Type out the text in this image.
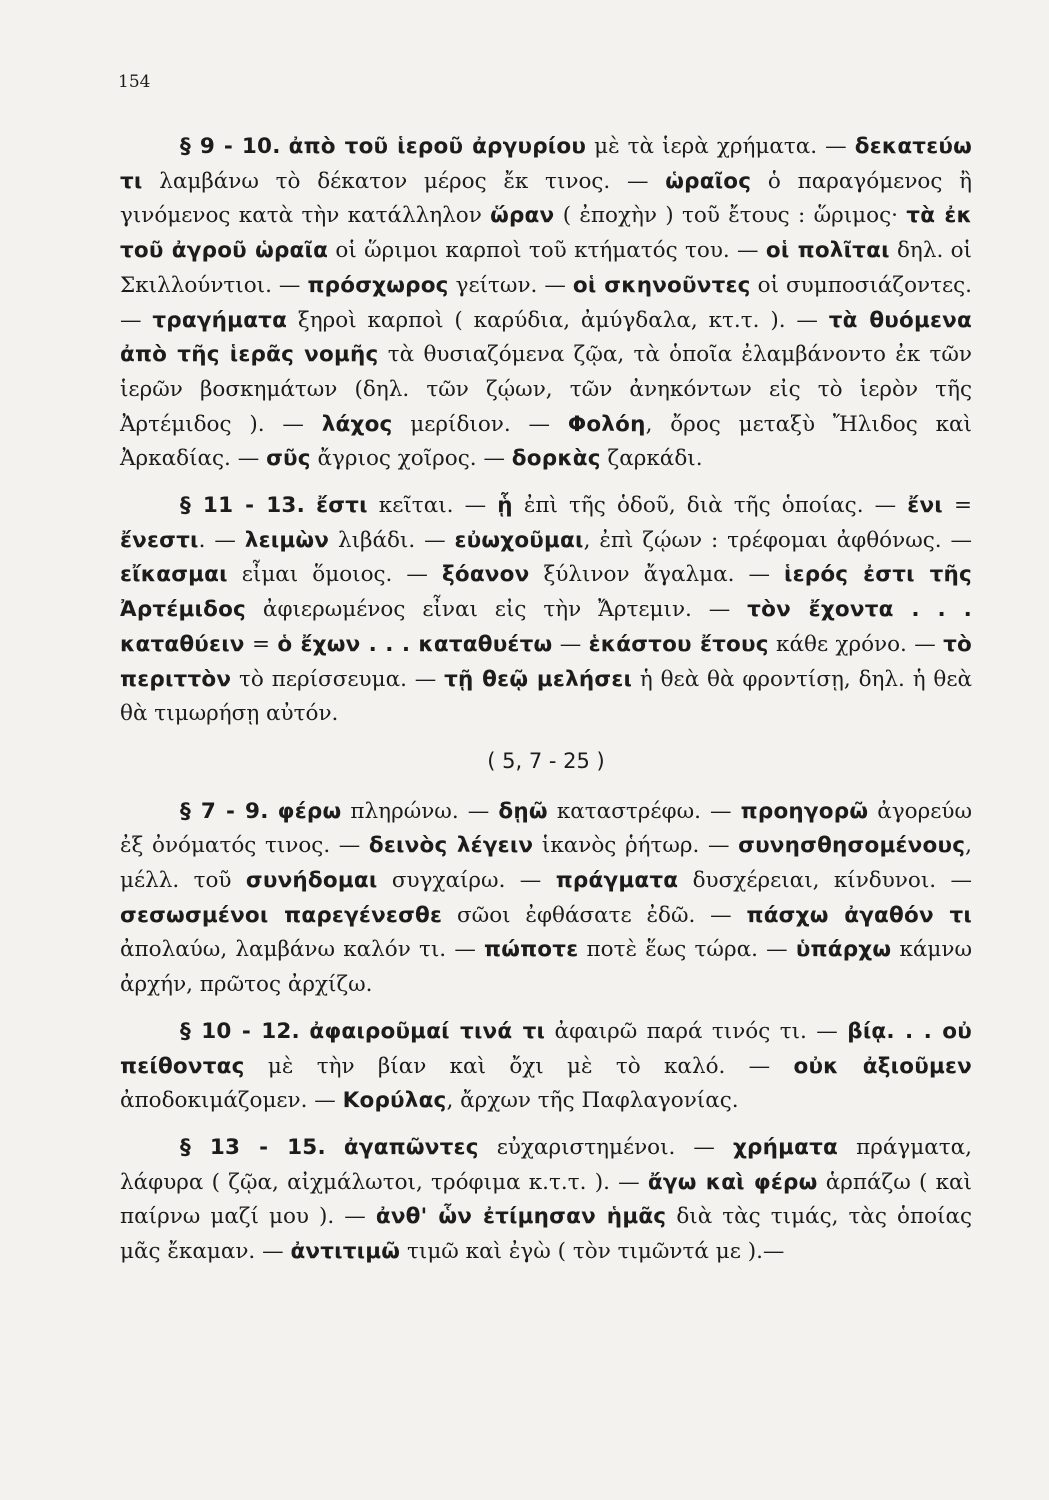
154
§ 9 - 10. ἀπὸ τοῦ ἱεροῦ ἀργυρίου μὲ τὰ ἱερὰ χρήματα. — δεκατεύω τι λαμβάνω τὸ δέκατον μέρος ἔκ τινος. — ὡραῖος ὁ παραγόμενος ἢ γινόμενος κατὰ τὴν κατάλληλον ὥραν ( ἐποχὴν ) τοῦ ἔτους : ὥριμος· τὰ ἐκ τοῦ ἀγροῦ ὡραῖα οἱ ὥριμοι καρποὶ τοῦ κτήματός του. — οἱ πολῖται δηλ. οἱ Σκιλλούντιοι. — πρόσχωρος γείτων. — οἱ σκηνοῦντες οἱ συμποσιάζοντες. — τραγήματα ξηροὶ καρποὶ ( καρύδια, ἀμύγδαλα, κτ.τ. ). — τὰ θυόμενα ἀπὸ τῆς ἱερᾶς νομῆς τὰ θυσιαζόμενα ζῷα, τὰ ὁποῖα ἐλαμβάνοντο ἐκ τῶν ἱερῶν βοσκημάτων (δηλ. τῶν ζῴων, τῶν ἀνηκόντων εἰς τὸ ἱερὸν τῆς Ἀρτέμιδος ). — λάχος μερίδιον. — Φολόη, ὄρος μεταξὺ Ἤλιδος καὶ Ἀρκαδίας. — σῦς ἄγριος χοῖρος. — δορκὰς ζαρκάδι.
§ 11 - 13. ἔστι κεῖται. — ᾗ ἐπὶ τῆς ὁδοῦ, διὰ τῆς ὁποίας. — ἔνι = ἔνεστι. — λειμὼν λιβάδι. — εὐωχοῦμαι, ἐπὶ ζῴων : τρέφομαι ἀφθόνως. — εἴκασμαι εἶμαι ὅμοιος. — ξόανον ξύλινον ἄγαλμα. — ἱερός ἐστι τῆς Ἀρτέμιδος ἀφιερωμένος εἶναι εἰς τὴν Ἄρτεμιν. — τὸν ἔχοντα . . . καταθύειν = ὁ ἔχων . . . καταθυέτω — ἑκάστου ἔτους κάθε χρόνο. — τὸ περιττὸν τὸ περίσσευμα. — τῇ θεῷ μελήσει ἡ θεὰ θὰ φροντίσῃ, δηλ. ἡ θεὰ θὰ τιμωρήσῃ αὐτόν.
( 5, 7 - 25 )
§ 7 - 9. φέρω πληρώνω. — δῃῶ καταστρέφω. — προηγορῶ ἀγορεύω ἐξ ὀνόματός τινος. — δεινὸς λέγειν ἱκανὸς ῥήτωρ. — συνησθησομένους, μέλλ. τοῦ συνήδομαι συγχαίρω. — πράγματα δυσχέρειαι, κίνδυνοι. — σεσωσμένοι παρεγένεσθε σῶοι ἐφθάσατε ἐδῶ. — πάσχω ἀγαθόν τι ἀπολαύω, λαμβάνω καλόν τι. — πώποτε ποτὲ ἕως τώρα. — ὑπάρχω κάμνω ἀρχήν, πρῶτος ἀρχίζω.
§ 10 - 12. ἀφαιροῦμαί τινά τι ἀφαιρῶ παρά τινός τι. — βίᾳ. . . οὐ πείθοντας μὲ τὴν βίαν καὶ ὄχι μὲ τὸ καλό. — οὐκ ἀξιοῦμεν ἀποδοκιμάζομεν. — Κορύλας, ἄρχων τῆς Παφλαγονίας.
§ 13 - 15. ἀγαπῶντες εὐχαριστημένοι. — χρήματα πράγματα, λάφυρα ( ζῷα, αἰχμάλωτοι, τρόφιμα κ.τ.τ. ). — ἄγω καὶ φέρω ἁρπάζω ( καὶ παίρνω μαζί μου ). — ἀνθ' ὧν ἐτίμησαν ἡμᾶς διὰ τὰς τιμάς, τὰς ὁποίας μᾶς ἔκαμαν. — ἀντιτιμῶ τιμῶ καὶ ἐγὼ ( τὸν τιμῶντά με ).—
